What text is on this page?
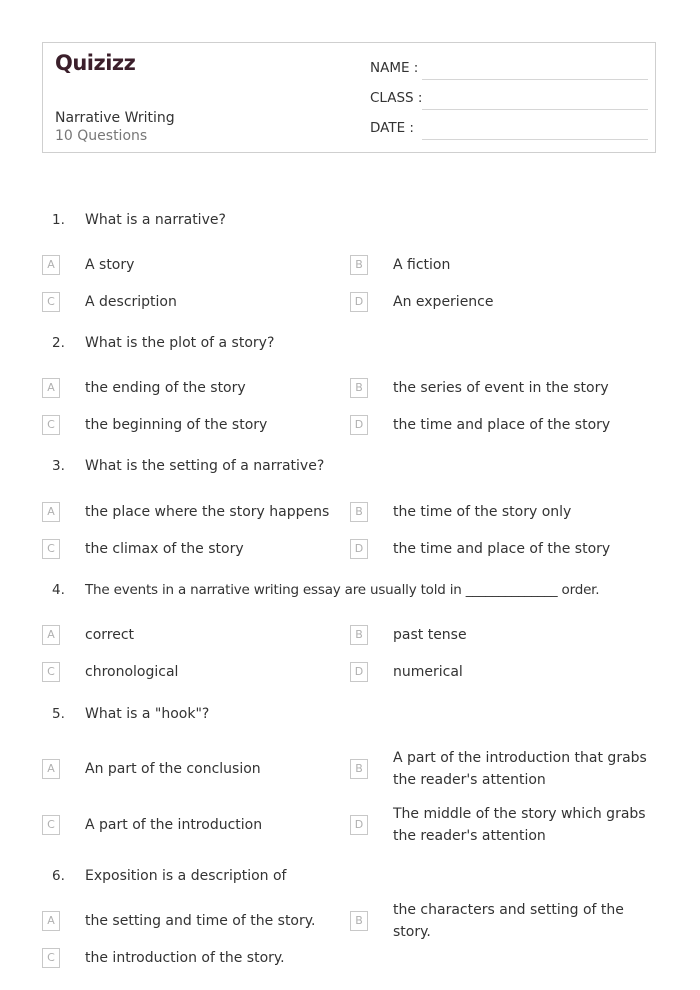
Quizizz
Narrative Writing
10 Questions
NAME :
CLASS :
DATE :
1. What is a narrative?
A	A story	B	A fiction
C	A description	D	An experience
2. What is the plot of a story?
A	the ending of the story	B	the series of event in the story
C	the beginning of the story	D	the time and place of the story
3. What is the setting of a narrative?
A	the place where the story happens	B	the time of the story only
C	the climax of the story	D	the time and place of the story
4. The events in a narrative writing essay are usually told in ______________ order.
A	correct	B	past tense
C	chronological	D	numerical
5. What is a "hook"?
A	An part of the conclusion	B
A part of the introduction that grabs the reader's attention
C	A part of the introduction	D
The middle of the story which grabs the reader's attention
6. Exposition is a description of
A	the setting and time of the story.	B
the characters and setting of the story.
C	the introduction of the story.
